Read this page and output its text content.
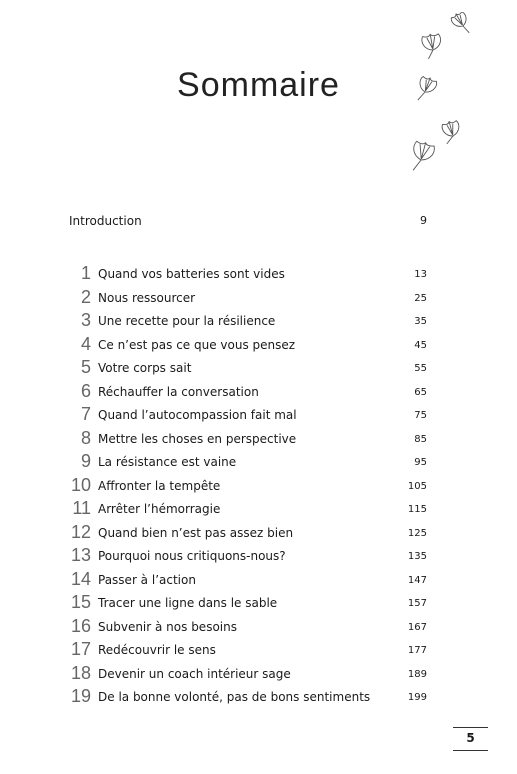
Sommaire
Introduction	9
1 Quand vos batteries sont vides	13
2 Nous ressourcer	25
3 Une recette pour la résilience	35
4 Ce n’est pas ce que vous pensez	45
5 Votre corps sait	55
6 Réchauffer la conversation	65
7 Quand l’autocompassion fait mal	75
8 Mettre les choses en perspective	85
9 La résistance est vaine	95
10 Affronter la tempête	105
11 Arrêter l’hémorragie	115
12 Quand bien n’est pas assez bien	125
13 Pourquoi nous critiquons-nous?	135
14 Passer à l’action	147
15 Tracer une ligne dans le sable	157
16 Subvenir à nos besoins	167
17 Redécouvrir le sens	177
18 Devenir un coach intérieur sage	189
19 De la bonne volonté, pas de bons sentiments	199
5
